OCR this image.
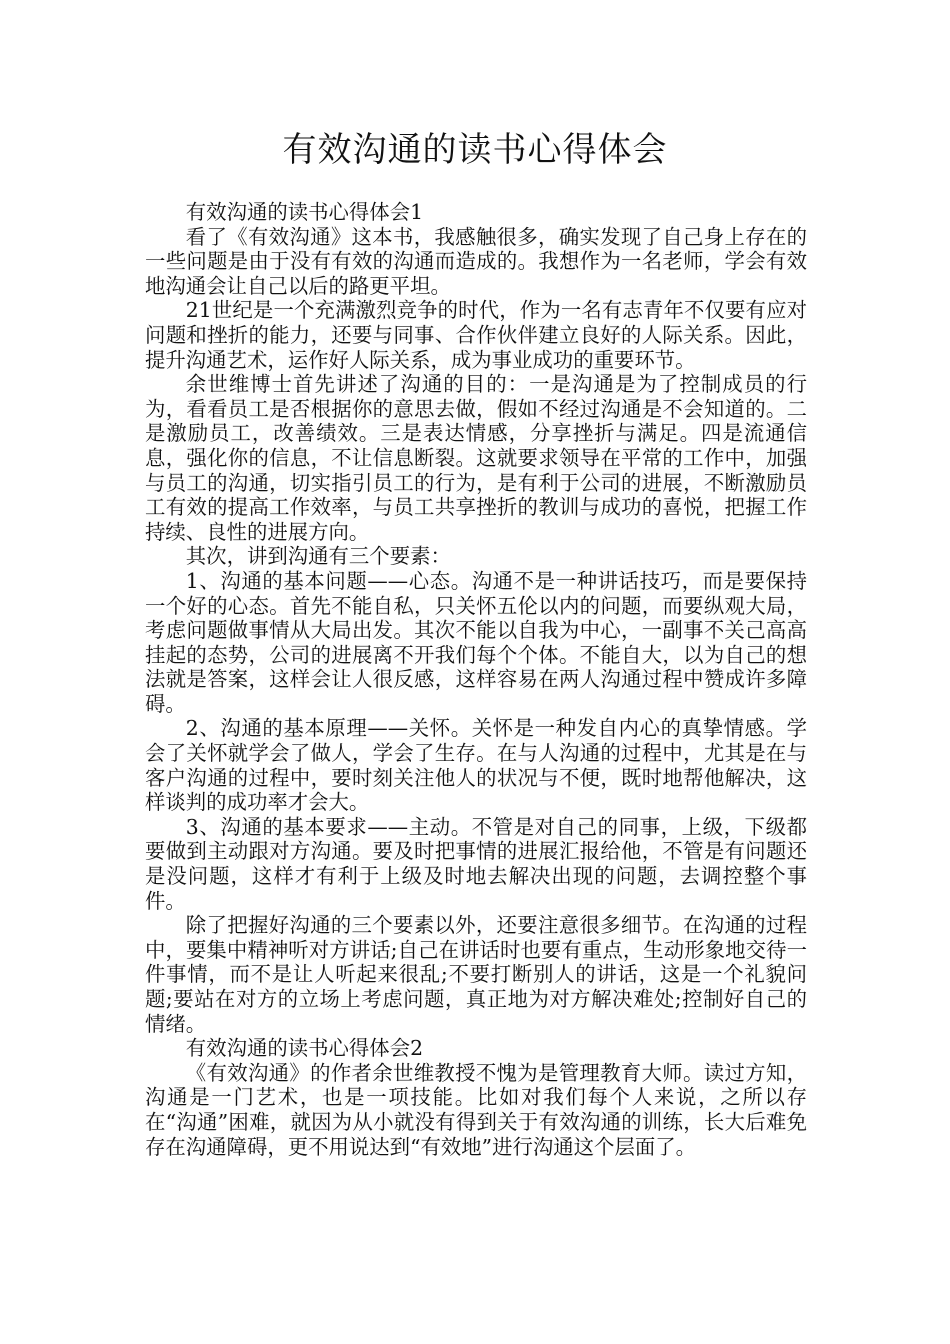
有效沟通的读书心得体会

有效沟通的读书心得体会1

看了《有效沟通》这本书，我感触很多，确实发现了自己身上存在的一些问题是由于没有有效的沟通而造成的。我想作为一名老师，学会有效地沟通会让自己以后的路更平坦。

21世纪是一个充满激烈竞争的时代，作为一名有志青年不仅要有应对问题和挫折的能力，还要与同事、合作伙伴建立良好的人际关系。因此，提升沟通艺术，运作好人际关系，成为事业成功的重要环节。

余世维博士首先讲述了沟通的目的：一是沟通是为了控制成员的行为，看看员工是否根据你的意思去做，假如不经过沟通是不会知道的。二是激励员工，改善绩效。三是表达情感，分享挫折与满足。四是流通信息，强化你的信息，不让信息断裂。这就要求领导在平常的工作中，加强与员工的沟通，切实指引员工的行为，是有利于公司的进展，不断激励员工有效的提高工作效率，与员工共享挫折的教训与成功的喜悦，把握工作持续、良性的进展方向。

其次，讲到沟通有三个要素：

1、沟通的基本问题——心态。沟通不是一种讲话技巧，而是要保持一个好的心态。首先不能自私，只关怀五伦以内的问题，而要纵观大局，考虑问题做事情从大局出发。其次不能以自我为中心，一副事不关己高高挂起的态势，公司的进展离不开我们每个个体。不能自大，以为自己的想法就是答案，这样会让人很反感，这样容易在两人沟通过程中赞成许多障碍。

2、沟通的基本原理——关怀。关怀是一种发自内心的真挚情感。学会了关怀就学会了做人，学会了生存。在与人沟通的过程中，尤其是在与客户沟通的过程中，要时刻关注他人的状况与不便，既时地帮他解决，这样谈判的成功率才会大。

3、沟通的基本要求——主动。不管是对自己的同事，上级，下级都要做到主动跟对方沟通。要及时把事情的进展汇报给他，不管是有问题还是没问题，这样才有利于上级及时地去解决出现的问题，去调控整个事件。

除了把握好沟通的三个要素以外，还要注意很多细节。在沟通的过程中，要集中精神听对方讲话;自己在讲话时也要有重点，生动形象地交待一件事情，而不是让人听起来很乱;不要打断别人的讲话，这是一个礼貌问题;要站在对方的立场上考虑问题，真正地为对方解决难处;控制好自己的情绪。

有效沟通的读书心得体会2

《有效沟通》的作者余世维教授不愧为是管理教育大师。读过方知，沟通是一门艺术，也是一项技能。比如对我们每个人来说，之所以存在“沟通”困难，就因为从小就没有得到关于有效沟通的训练，长大后难免存在沟通障碍，更不用说达到“有效地”进行沟通这个层面了。
